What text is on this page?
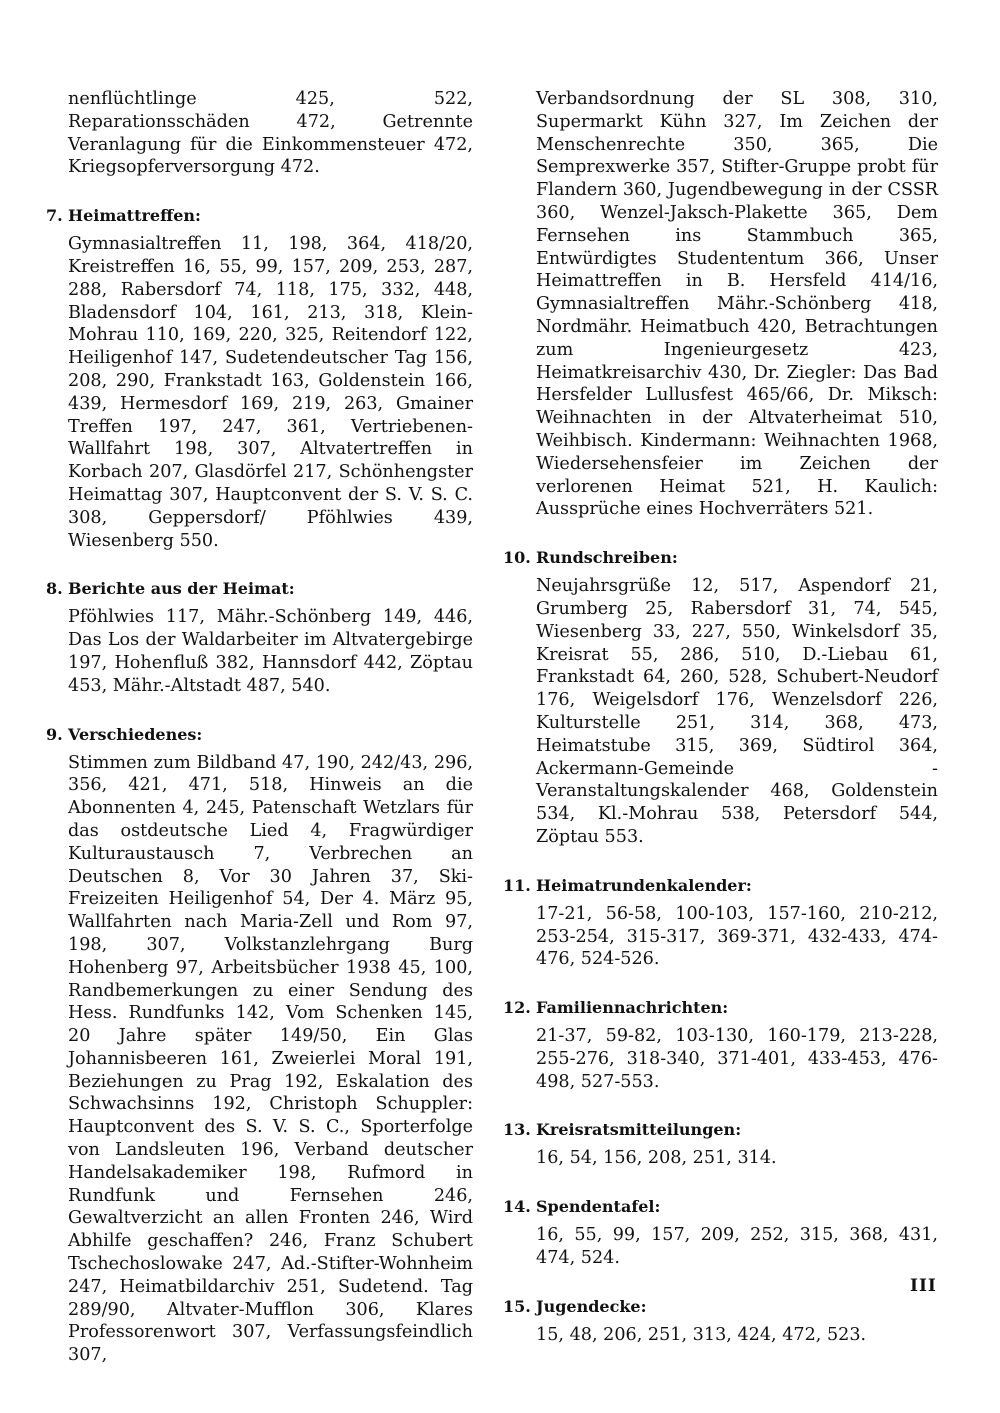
nenflüchtlinge 425, 522, Reparationsschäden 472, Getrennte Veranlagung für die Einkommensteuer 472, Kriegsopferversorgung 472.

7. Heimattreffen:

Gymnasialtreffen 11, 198, 364, 418/20, Kreistreffen 16, 55, 99, 157, 209, 253, 287, 288, Rabersdorf 74, 118, 175, 332, 448, Bladensdorf 104, 161, 213, 318, Klein-Mohrau 110, 169, 220, 325, Reitendorf 122, Heiligenhof 147, Sudetendeutscher Tag 156, 208, 290, Frankstadt 163, Goldenstein 166, 439, Hermesdorf 169, 219, 263, Gmainer Treffen 197, 247, 361, Vertriebenen-Wallfahrt 198, 307, Altvatertreffen in Korbach 207, Glasdörfel 217, Schönhengster Heimattag 307, Hauptconvent der S. V. S. C. 308, Geppersdorf/ Pföhlwies 439, Wiesenberg 550.

8. Berichte aus der Heimat:

Pföhlwies 117, Mähr.-Schönberg 149, 446, Das Los der Waldarbeiter im Altvatergebirge 197, Hohenfluß 382, Hannsdorf 442, Zöptau 453, Mähr.-Altstadt 487, 540.

9. Verschiedenes:

Stimmen zum Bildband 47, 190, 242/43, 296, 356, 421, 471, 518, Hinweis an die Abonnenten 4, 245, Patenschaft Wetzlars für das ostdeutsche Lied 4, Fragwürdiger Kulturaustausch 7, Verbrechen an Deutschen 8, Vor 30 Jahren 37, Ski-Freizeiten Heiligenhof 54, Der 4. März 95, Wallfahrten nach Maria-Zell und Rom 97, 198, 307, Volkstanzlehrgang Burg Hohenberg 97, Arbeitsbücher 1938 45, 100, Randbemerkungen zu einer Sendung des Hess. Rundfunks 142, Vom Schenken 145, 20 Jahre später 149/50, Ein Glas Johannisbeeren 161, Zweierlei Moral 191, Beziehungen zu Prag 192, Eskalation des Schwachsinns 192, Christoph Schuppler: Hauptconvent des S. V. S. C., Sporterfolge von Landsleuten 196, Verband deutscher Handelsakademiker 198, Rufmord in Rundfunk und Fernsehen 246, Gewaltverzicht an allen Fronten 246, Wird Abhilfe geschaffen? 246, Franz Schubert Tschechoslowake 247, Ad.-Stifter-Wohnheim 247, Heimatbildarchiv 251, Sudetend. Tag 289/90, Altvater-Mufflon 306, Klares Professorenwort 307, Verfassungsfeindlich 307,

Verbandsordnung der SL 308, 310, Supermarkt Kühn 327, Im Zeichen der Menschenrechte 350, 365, Die Semprexwerke 357, Stifter-Gruppe probt für Flandern 360, Jugendbewegung in der CSSR 360, Wenzel-Jaksch-Plakette 365, Dem Fernsehen ins Stammbuch 365, Entwürdigtes Studententum 366, Unser Heimattreffen in B. Hersfeld 414/16, Gymnasialtreffen Mähr.-Schönberg 418, Nordmähr. Heimatbuch 420, Betrachtungen zum Ingenieurgesetz 423, Heimatkreisarchiv 430, Dr. Ziegler: Das Bad Hersfelder Lullusfest 465/66, Dr. Miksch: Weihnachten in der Altvaterheimat 510, Weihbisch. Kindermann: Weihnachten 1968, Wiedersehensfeier im Zeichen der verlorenen Heimat 521, H. Kaulich: Aussprüche eines Hochverräters 521.

10. Rundschreiben:

Neujahrsgrüße 12, 517, Aspendorf 21, Grumberg 25, Rabersdorf 31, 74, 545, Wiesenberg 33, 227, 550, Winkelsdorf 35, Kreisrat 55, 286, 510, D.-Liebau 61, Frankstadt 64, 260, 528, Schubert-Neudorf 176, Weigelsdorf 176, Wenzelsdorf 226, Kulturstelle 251, 314, 368, 473, Heimatstube 315, 369, Südtirol 364, Ackermann-Gemeinde - Veranstaltungskalender 468, Goldenstein 534, Kl.-Mohrau 538, Petersdorf 544, Zöptau 553.

11. Heimatrundenkalender:

17-21, 56-58, 100-103, 157-160, 210-212, 253-254, 315-317, 369-371, 432-433, 474-476, 524-526.

12. Familiennachrichten:

21-37, 59-82, 103-130, 160-179, 213-228, 255-276, 318-340, 371-401, 433-453, 476-498, 527-553.

13. Kreisratsmitteilungen:

16, 54, 156, 208, 251, 314.

14. Spendentafel:

16, 55, 99, 157, 209, 252, 315, 368, 431, 474, 524.

15. Jugendecke:

15, 48, 206, 251, 313, 424, 472, 523.

III
